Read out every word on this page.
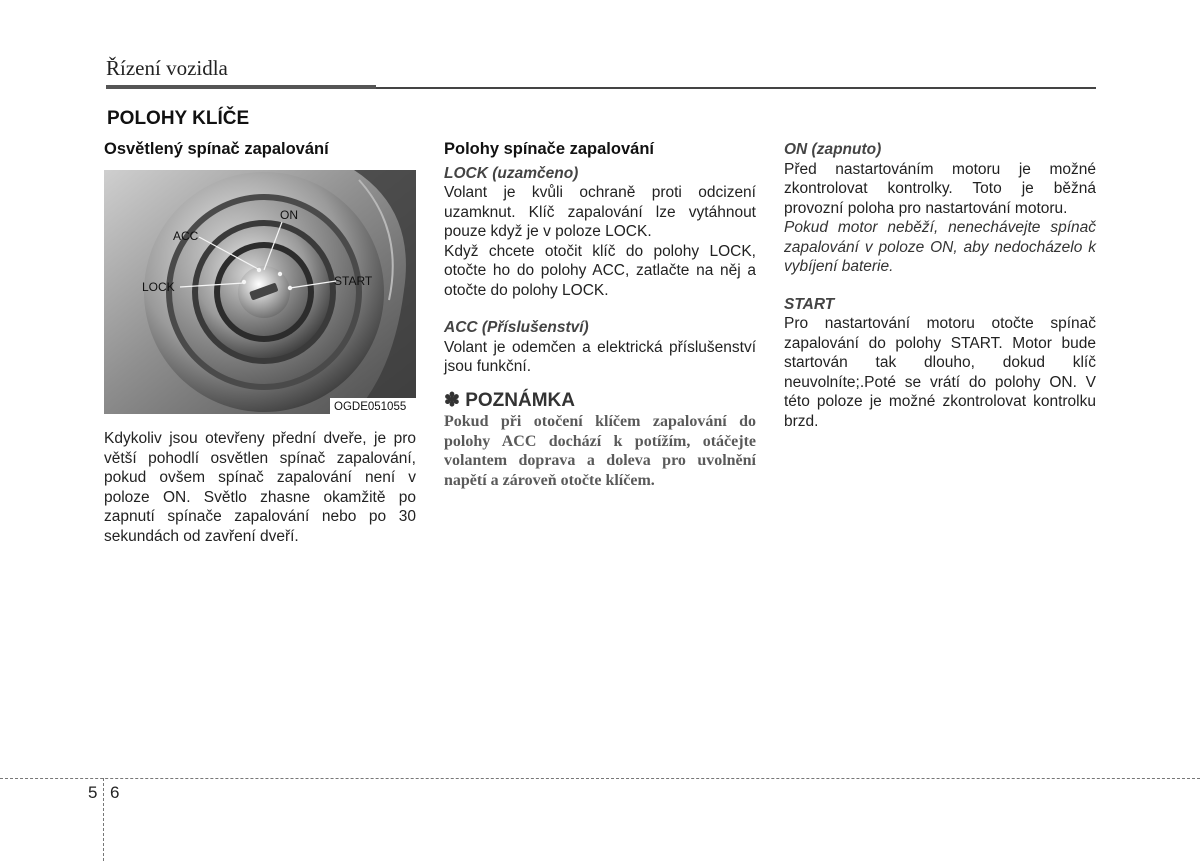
Řízení vozidla
POLOHY KLÍČE

Osvětlený spínač zapalování

ON
ACC
LOCK	START
OGDE051055

Kdykoliv jsou otevřeny přední dveře, je pro větší pohodlí osvětlen spínač zapalování, pokud ovšem spínač zapalování není v poloze ON. Světlo zhasne okamžitě po zapnutí spínače zapalování nebo po 30 sekundách od zavření dveří.

Polohy spínače zapalování

LOCK (uzamčeno)

Volant je kvůli ochraně proti odcizení uzamknut. Klíč zapalování lze vytáhnout pouze když je v poloze LOCK.

Když chcete otočit klíč do polohy LOCK, otočte ho do polohy ACC, zatlačte na něj a otočte do polohy LOCK.

ACC (Příslušenství)

Volant je odemčen a elektrická příslušenství jsou funkční.

✽ POZNÁMKA

Pokud při otočení klíčem zapalování do polohy ACC dochází k potížím, otáčejte volantem doprava a doleva pro uvolnění napětí a zároveň otočte klíčem.

ON (zapnuto)

Před nastartováním motoru je možné zkontrolovat kontrolky. Toto je běžná provozní poloha pro nastartování motoru.

Pokud motor neběží, nenechávejte spínač zapalování v poloze ON, aby nedocházelo k vybíjení baterie.

START

Pro nastartování motoru otočte spínač zapalování do polohy START. Motor bude startován tak dlouho, dokud klíč neuvolníte;.Poté se vrátí do polohy ON. V této poloze je možné zkontrolovat kontrolku brzd.

5 6
